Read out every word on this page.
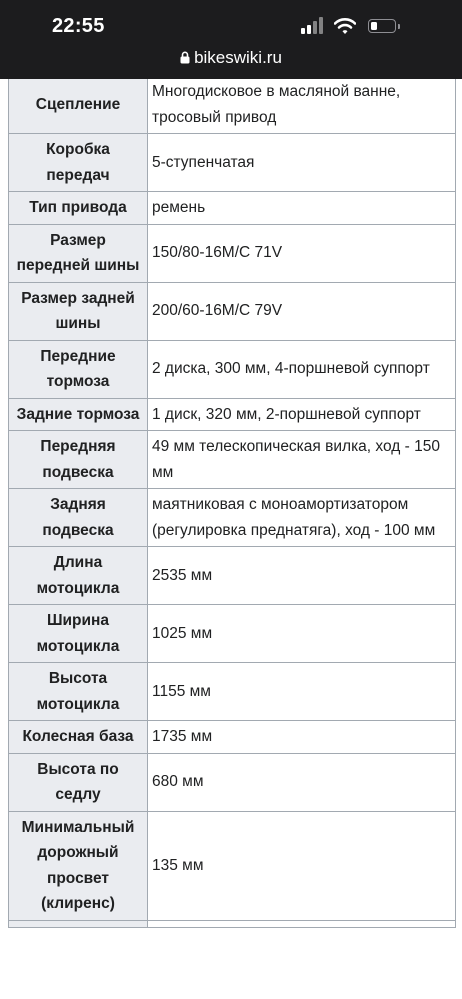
22:55
bikeswiki.ru

Сцепление	Многодисковое в масляной ванне, тросовый привод
Коробка передач	5-ступенчатая
Тип привода	ремень
Размер передней шины	150/80-16M/C 71V
Размер задней шины	200/60-16M/C 79V
Передние тормоза	2 диска, 300 мм, 4-поршневой суппорт
Задние тормоза	1 диск, 320 мм, 2-поршневой суппорт
Передняя подвеска	49 мм телескопическая вилка, ход - 150 мм
Задняя подвеска	маятниковая с моноамортизатором (регулировка преднатяга), ход - 100 мм
Длина мотоцикла	2535 мм
Ширина мотоцикла	1025 мм
Высота мотоцикла	1155 мм
Колесная база	1735 мм
Высота по седлу	680 мм
Минимальный дорожный просвет (клиренс)	135 мм
